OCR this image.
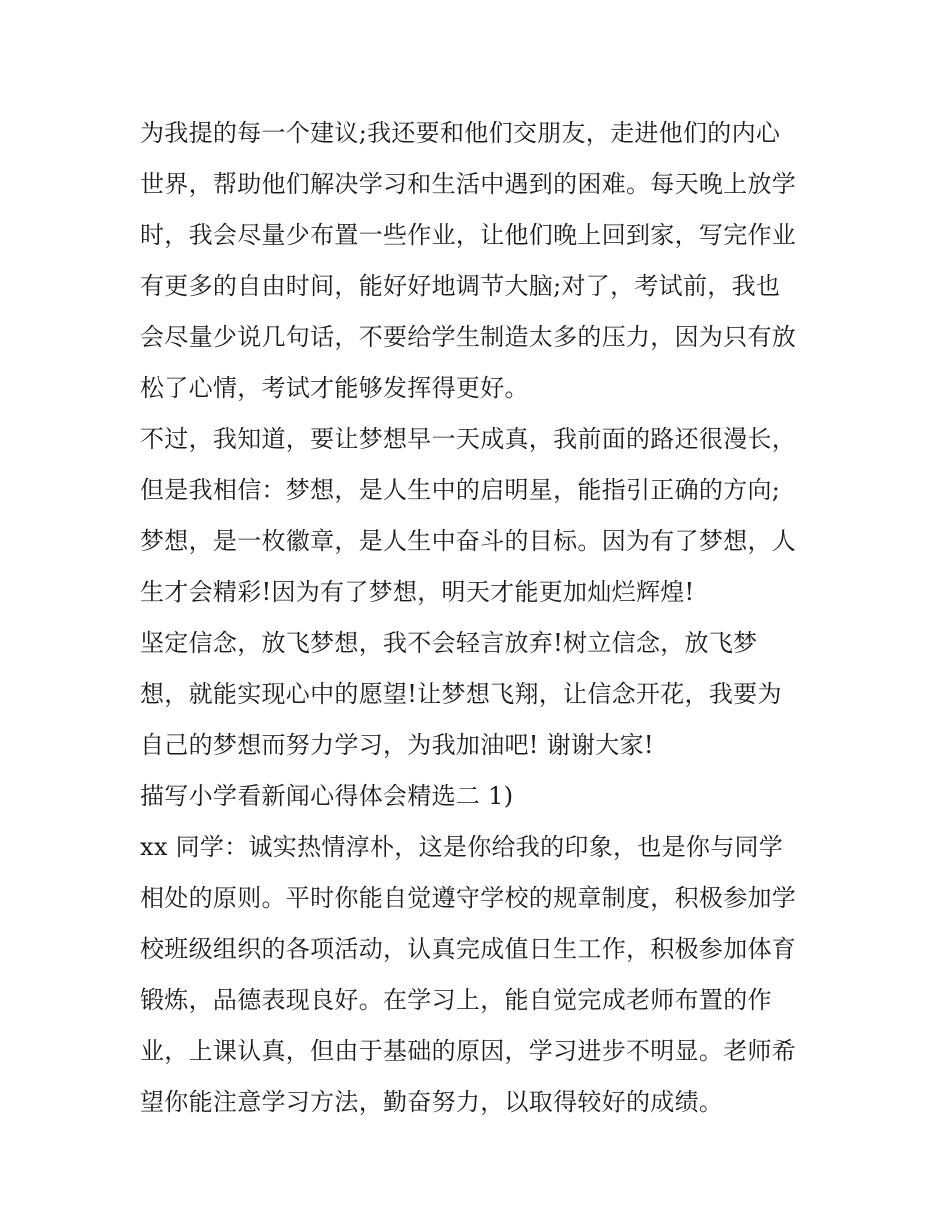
为我提的每一个建议;我还要和他们交朋友，走进他们的内心
世界，帮助他们解决学习和生活中遇到的困难。每天晚上放学
时，我会尽量少布置一些作业，让他们晚上回到家，写完作业
有更多的自由时间，能好好地调节大脑;对了，考试前，我也
会尽量少说几句话，不要给学生制造太多的压力，因为只有放
松了心情，考试才能够发挥得更好。
不过，我知道，要让梦想早一天成真，我前面的路还很漫长，
但是我相信：梦想，是人生中的启明星，能指引正确的方向;
梦想，是一枚徽章，是人生中奋斗的目标。因为有了梦想，人
生才会精彩!因为有了梦想，明天才能更加灿烂辉煌!
坚定信念，放飞梦想，我不会轻言放弃!树立信念，放飞梦
想，就能实现心中的愿望!让梦想飞翔，让信念开花，我要为
自己的梦想而努力学习，为我加油吧! 谢谢大家!
描写小学看新闻心得体会精选二 1)
xx 同学：诚实热情淳朴，这是你给我的印象，也是你与同学
相处的原则。平时你能自觉遵守学校的规章制度，积极参加学
校班级组织的各项活动，认真完成值日生工作，积极参加体育
锻炼，品德表现良好。在学习上，能自觉完成老师布置的作
业，上课认真，但由于基础的原因，学习进步不明显。老师希
望你能注意学习方法，勤奋努力，以取得较好的成绩。
